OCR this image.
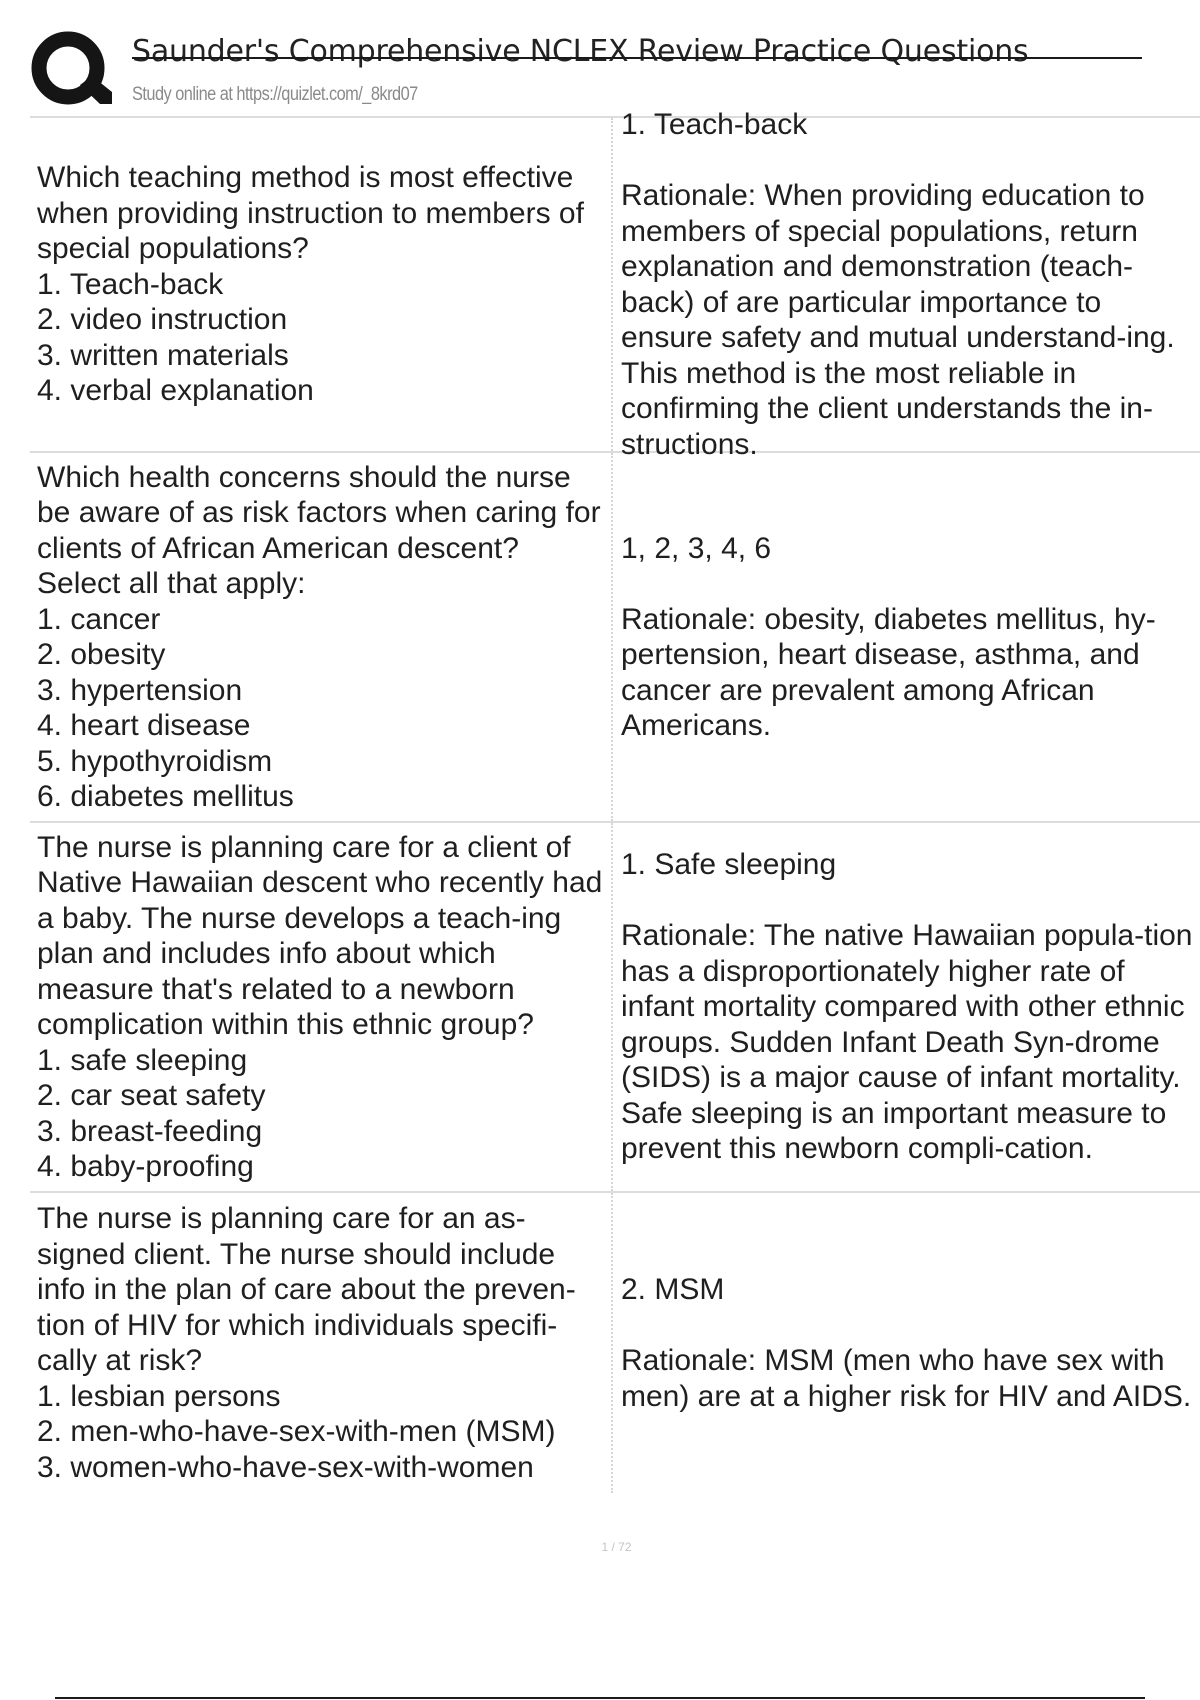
Saunder's Comprehensive NCLEX Review Practice Questions
Study online at https://quizlet.com/_8krd07
Which teaching method is most effective when providing instruction to members of special populations?
1. Teach-back
2. video instruction
3. written materials
4. verbal explanation
1. Teach-back

Rationale: When providing education to members of special populations, return explanation and demonstration (teach-back) of are particular importance to ensure safety and mutual understand-ing. This method is the most reliable in confirming the client understands the in-structions.
Which health concerns should the nurse be aware of as risk factors when caring for clients of African American descent? Select all that apply:
1. cancer
2. obesity
3. hypertension
4. heart disease
5. hypothyroidism
6. diabetes mellitus
1, 2, 3, 4, 6

Rationale: obesity, diabetes mellitus, hy-pertension, heart disease, asthma, and cancer are prevalent among African Americans.
The nurse is planning care for a client of Native Hawaiian descent who recently had a baby. The nurse develops a teach-ing plan and includes info about which measure that's related to a newborn complication within this ethnic group?
1. safe sleeping
2. car seat safety
3. breast-feeding
4. baby-proofing
1. Safe sleeping

Rationale: The native Hawaiian popula-tion has a disproportionately higher rate of infant mortality compared with other ethnic groups. Sudden Infant Death Syn-drome (SIDS) is a major cause of infant mortality. Safe sleeping is an important measure to prevent this newborn compli-cation.
The nurse is planning care for an as-signed client. The nurse should include info in the plan of care about the preven-tion of HIV for which individuals specifi-cally at risk?
1. lesbian persons
2. men-who-have-sex-with-men (MSM)
3. women-who-have-sex-with-women
2. MSM

Rationale: MSM (men who have sex with men) are at a higher risk for HIV and AIDS.
1 / 72
